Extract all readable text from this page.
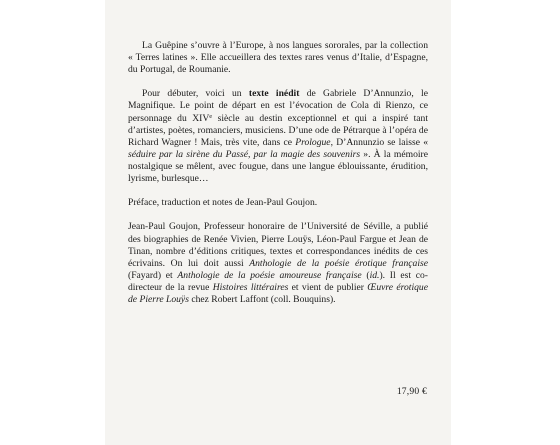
La Guêpine s’ouvre à l’Europe, à nos langues sororales, par la collection « Terres latines ». Elle accueillera des textes rares venus d’Italie, d’Espagne, du Portugal, de Roumanie.

Pour débuter, voici un texte inédit de Gabriele D’Annunzio, le Magnifique. Le point de départ en est l’évocation de Cola di Rienzo, ce personnage du XIVe siècle au destin exceptionnel et qui a inspiré tant d’artistes, poètes, romanciers, musiciens. D’une ode de Pétrarque à l’opéra de Richard Wagner ! Mais, très vite, dans ce Prologue, D’Annunzio se laisse « séduire par la sirène du Passé, par la magie des souvenirs ». À la mémoire nostalgique se mêlent, avec fougue, dans une langue éblouissante, érudition, lyrisme, burlesque…

Préface, traduction et notes de Jean-Paul Goujon.

Jean-Paul Goujon, Professeur honoraire de l’Université de Séville, a publié des biographies de Renée Vivien, Pierre Louÿs, Léon-Paul Fargue et Jean de Tinan, nombre d’éditions critiques, textes et correspondances inédits de ces écrivains. On lui doit aussi Anthologie de la poésie érotique française (Fayard) et Anthologie de la poésie amoureuse française (id.). Il est co-directeur de la revue Histoires littéraires et vient de publier Œuvre érotique de Pierre Louÿs chez Robert Laffont (coll. Bouquins).

17,90 €
